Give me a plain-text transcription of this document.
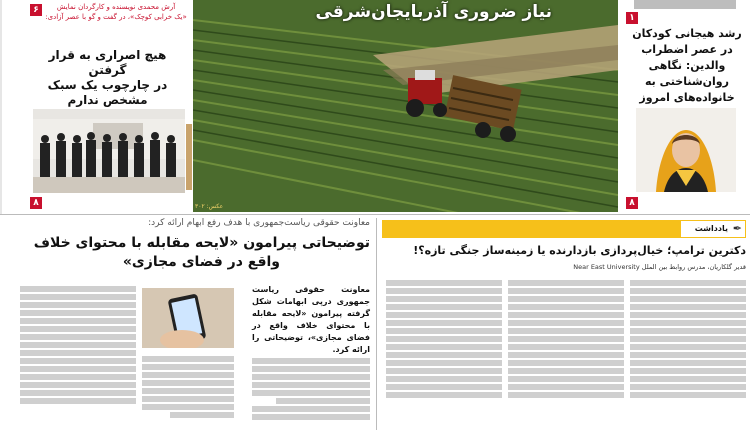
۶	آرش محمدی نویسنده و کارگردان نمایش
«یک خرابی کوچک»، در گفت و گو با عصر آزادی:
هیچ اصراری به قرار گرفتن
در چارچوب یک سبک
مشخص ندارم
۸
نیاز ضروری آذربایجان‌شرقی
عکس: ۳۰۲
۱
رشد هیجانی کودکان
در عصر اضطراب
والدین: نگاهی
روان‌شناختی به
خانواده‌های امروز
۸
معاونت حقوقی ریاست‌جمهوری با هدف رفع ابهام ارائه کرد:
توضیحاتی پیرامون «لایحه مقابله با محتوای خلاف
واقع در فضای مجازی»
معاونت حقوقی ریاست جمهوری درپی ابهامات شکل گرفته پیرامون «لایحه مقابله با محتوای خلاف واقع در فضای مجازی»، توضیحاتی را ارائه کرد.
✒
یادداشت
دکترین ترامپ؛ خیال‌پردازی بازدارنده یا زمینه‌ساز جنگی تازه؟!
قدیر گلکاریان، مدرس روابط بین الملل Near East University
